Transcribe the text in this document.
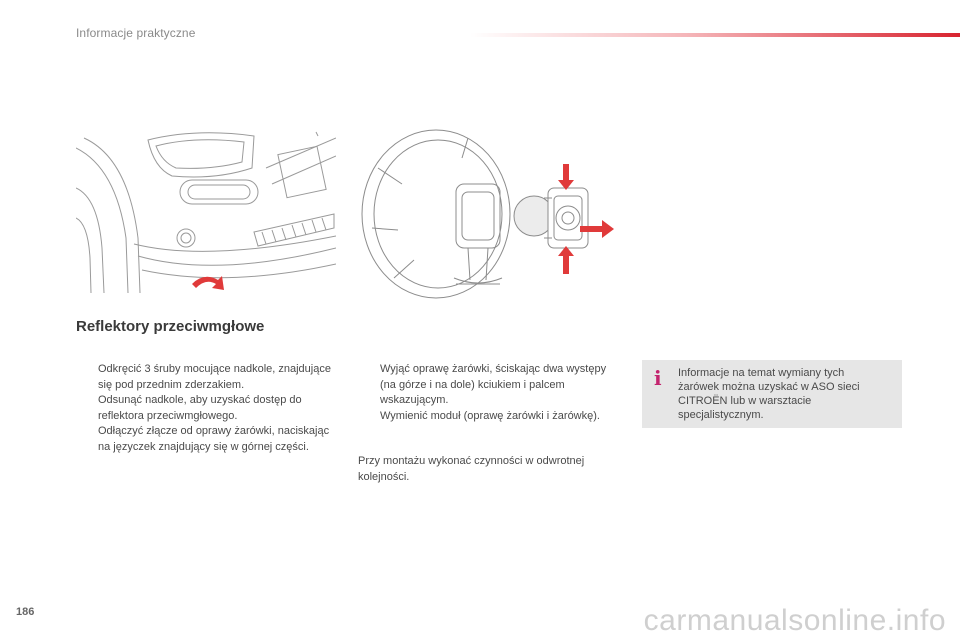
Informacje praktyczne
Reflektory przeciwmgłowe
Odkręcić 3 śruby mocujące nadkole, znajdujące się pod przednim zderzakiem.
Odsunąć nadkole, aby uzyskać dostęp do reflektora przeciwmgłowego.
Odłączyć złącze od oprawy żarówki, naciskając na języczek znajdujący się w górnej części.
Wyjąć oprawę żarówki, ściskając dwa występy (na górze i na dole) kciukiem i palcem wskazującym.
Wymienić moduł (oprawę żarówki i żarówkę).

Przy montażu wykonać czynności w odwrotnej kolejności.

i Informacje na temat wymiany tych żarówek można uzyskać w ASO sieci CITROËN lub w warsztacie specjalistycznym.

186	carmanualsonline.info
